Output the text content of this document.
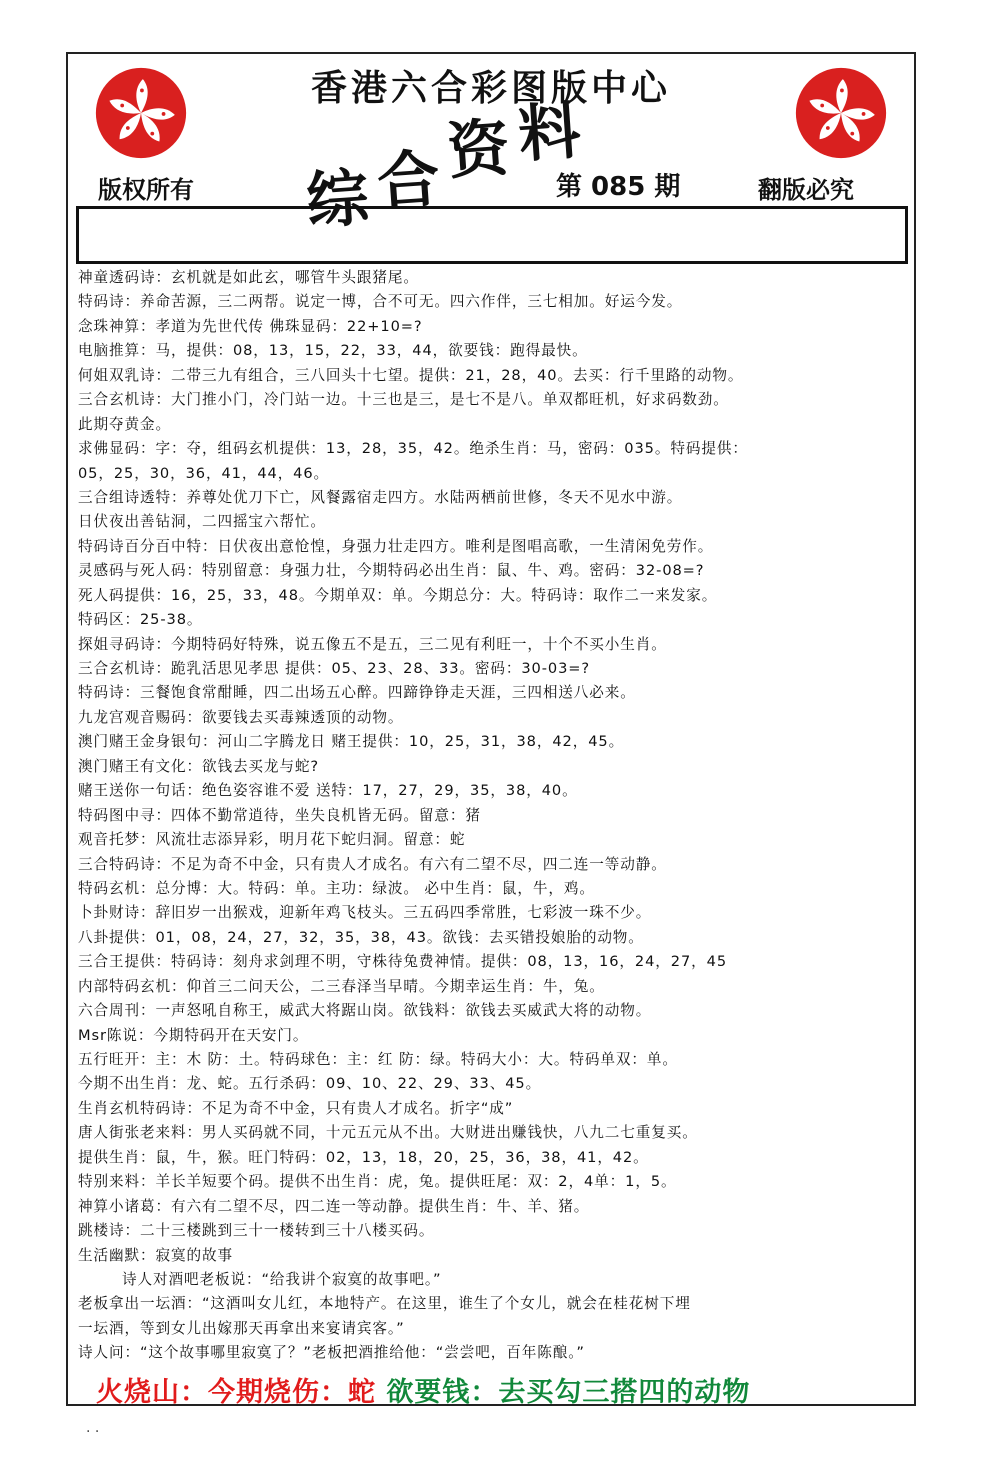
香港六合彩图版中心
综合资料
第 085 期
版权所有	翻版必究
神童透码诗：玄机就是如此玄，哪管牛头跟猪尾。
特码诗：养命苦源，三二两帮。说定一博，合不可无。四六作伴，三七相加。好运今发。
念珠神算：孝道为先世代传 佛珠显码：22+10=?
电脑推算：马，提供：08，13，15，22，33，44，欲要钱：跑得最快。
何姐双乳诗：二带三九有组合，三八回头十七望。提供：21，28，40。去买：行千里路的动物。
三合玄机诗：大门推小门，冷门站一边。十三也是三，是七不是八。单双都旺机，好求码数劲。
此期夺黄金。
求佛显码：字：夺，组码玄机提供：13，28，35，42。绝杀生肖：马，密码：035。特码提供：
05，25，30，36，41，44，46。
三合组诗透特：养尊处优刀下亡，风餐露宿走四方。水陆两栖前世修，冬天不见水中游。
日伏夜出善钻洞，二四摇宝六帮忙。
特码诗百分百中特：日伏夜出意怆惶，身强力壮走四方。唯利是图唱高歌，一生清闲免劳作。
灵感码与死人码：特别留意：身强力壮，今期特码必出生肖：鼠、牛、鸡。密码：32-08=?
死人码提供：16，25，33，48。今期单双：单。今期总分：大。特码诗：取作二一来发家。
特码区：25-38。
探姐寻码诗：今期特码好特殊，说五像五不是五，三二见有利旺一，十个不买小生肖。
三合玄机诗：跪乳活思见孝思 提供：05、23、28、33。密码：30-03=?
特码诗：三餐饱食常酣睡，四二出场五心醉。四蹄铮铮走天涯，三四相送八必来。
九龙宫观音赐码：欲要钱去买毒辣透顶的动物。
澳门赌王金身银句：河山二字腾龙日 赌王提供：10，25，31，38，42，45。
澳门赌王有文化：欲钱去买龙与蛇?
赌王送你一句话：绝色姿容谁不爱 送特：17，27，29，35，38，40。
特码图中寻：四体不勤常逍待，坐失良机皆无码。留意：猪
观音托梦：风流壮志添异彩，明月花下蛇归洞。留意：蛇
三合特码诗：不足为奇不中金，只有贵人才成名。有六有二望不尽，四二连一等动静。
特码玄机：总分博：大。特码：单。主功：绿波。 必中生肖：鼠，牛，鸡。
卜卦财诗：辞旧岁一出猴戏，迎新年鸡飞枝头。三五码四季常胜，七彩波一珠不少。
八卦提供：01，08，24，27，32，35，38，43。欲钱：去买错投娘胎的动物。
三合王提供：特码诗：刻舟求剑理不明，守株待兔费神情。提供：08，13，16，24，27，45
内部特码玄机：仰首三二问天公，二三春泽当早晴。今期幸运生肖：牛，兔。
六合周刊：一声怒吼自称王，威武大将踞山岗。欲钱料：欲钱去买威武大将的动物。
Msr陈说：今期特码开在天安门。
五行旺开：主：木 防：土。特码球色：主：红 防：绿。特码大小：大。特码单双：单。
今期不出生肖：龙、蛇。五行杀码：09、10、22、29、33、45。
生肖玄机特码诗：不足为奇不中金，只有贵人才成名。折字“成”
唐人街张老来料：男人买码就不同，十元五元从不出。大财进出赚钱快，八九二七重复买。
提供生肖：鼠，牛，猴。旺门特码：02，13，18，20，25，36，38，41，42。
特别来料：羊长羊短要个码。提供不出生肖：虎，兔。提供旺尾：双：2，4单：1，5。
神算小诸葛：有六有二望不尽，四二连一等动静。提供生肖：牛、羊、猪。
跳楼诗：二十三楼跳到三十一楼转到三十八楼买码。
生活幽默：寂寞的故事
诗人对酒吧老板说：“给我讲个寂寞的故事吧。”
老板拿出一坛酒：“这酒叫女儿红，本地特产。在这里，谁生了个女儿，就会在桂花树下埋
一坛酒，等到女儿出嫁那天再拿出来宴请宾客。”
诗人问：“这个故事哪里寂寞了？”老板把酒推给他：“尝尝吧，百年陈酿。”
火烧山：今期烧伤：蛇 欲要钱：去买勾三搭四的动物
. .
